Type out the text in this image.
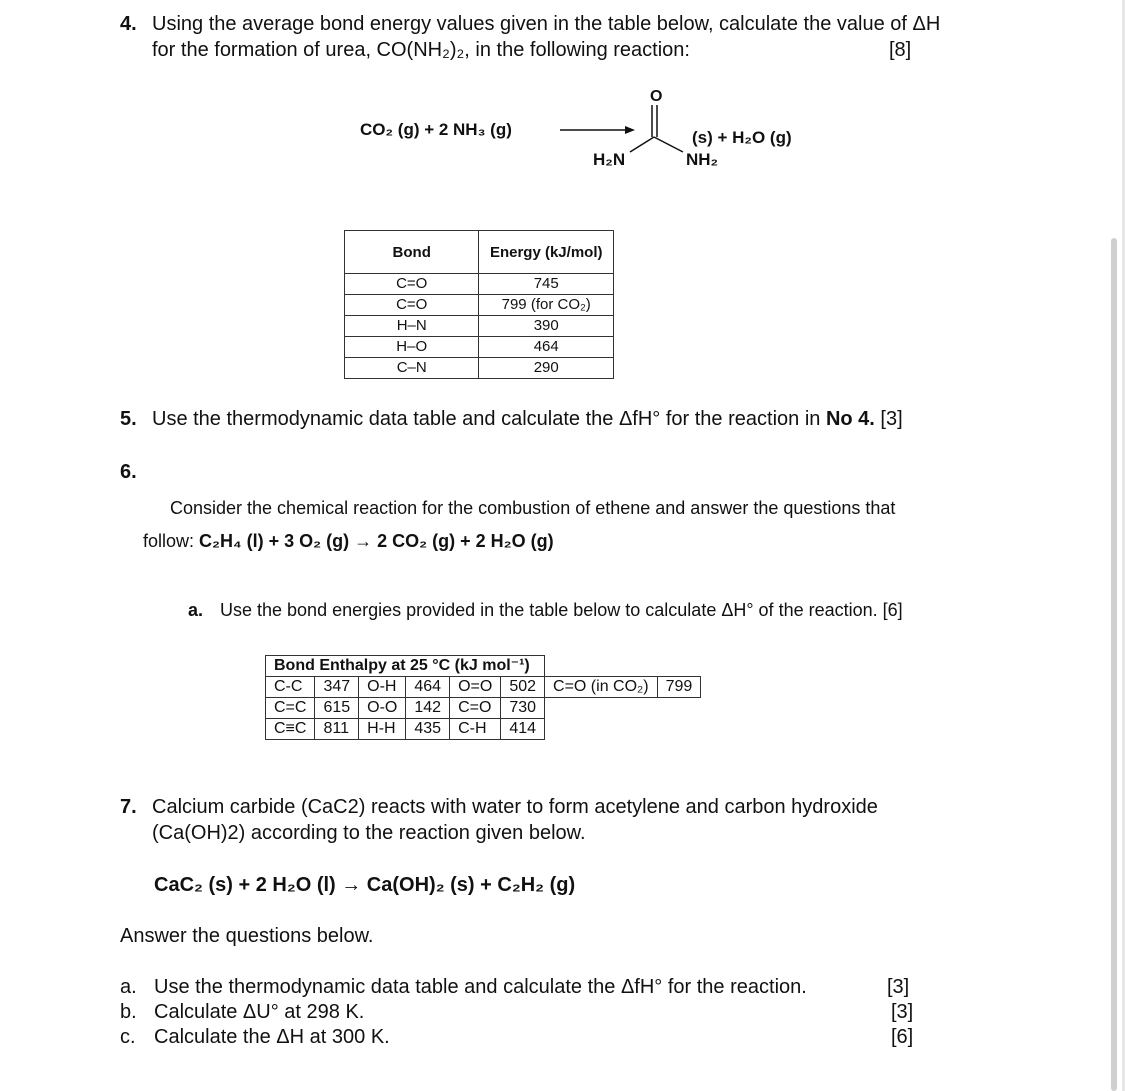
4. Using the average bond energy values given in the table below, calculate the value of ΔH
for the formation of urea, CO(NH₂)₂, in the following reaction:	[8]
CO₂ (g) + 2 NH₃ (g)
O
H₂N	NH₂
(s) + H₂O (g)
Bond	Energy (kJ/mol)
C=O	745
C=O	799 (for CO₂)
H–N	390
H–O	464
C–N	290
5. Use the thermodynamic data table and calculate the ΔfH° for the reaction in No 4. [3]
6.
Consider the chemical reaction for the combustion of ethene and answer the questions that
follow: C₂H₄ (l) + 3 O₂ (g) → 2 CO₂ (g) + 2 H₂O (g)
a. Use the bond energies provided in the table below to calculate ΔH° of the reaction. [6]
Bond Enthalpy at 25 °C (kJ mol⁻¹)							
C-C	347	O-H	464	O=O	502	C=O (in CO₂)	799
C=C	615	O-O	142	C=O	730		
C≡C	811	H-H	435	C-H	414		
7. Calcium carbide (CaC2) reacts with water to form acetylene and carbon hydroxide
(Ca(OH)2) according to the reaction given below.
CaC₂ (s) + 2 H₂O (l) → Ca(OH)₂ (s) + C₂H₂ (g)
Answer the questions below.
a. Use the thermodynamic data table and calculate the ΔfH° for the reaction.	[3]
b. Calculate ΔU° at 298 K.	[3]
c. Calculate the ΔH at 300 K.	[6]
